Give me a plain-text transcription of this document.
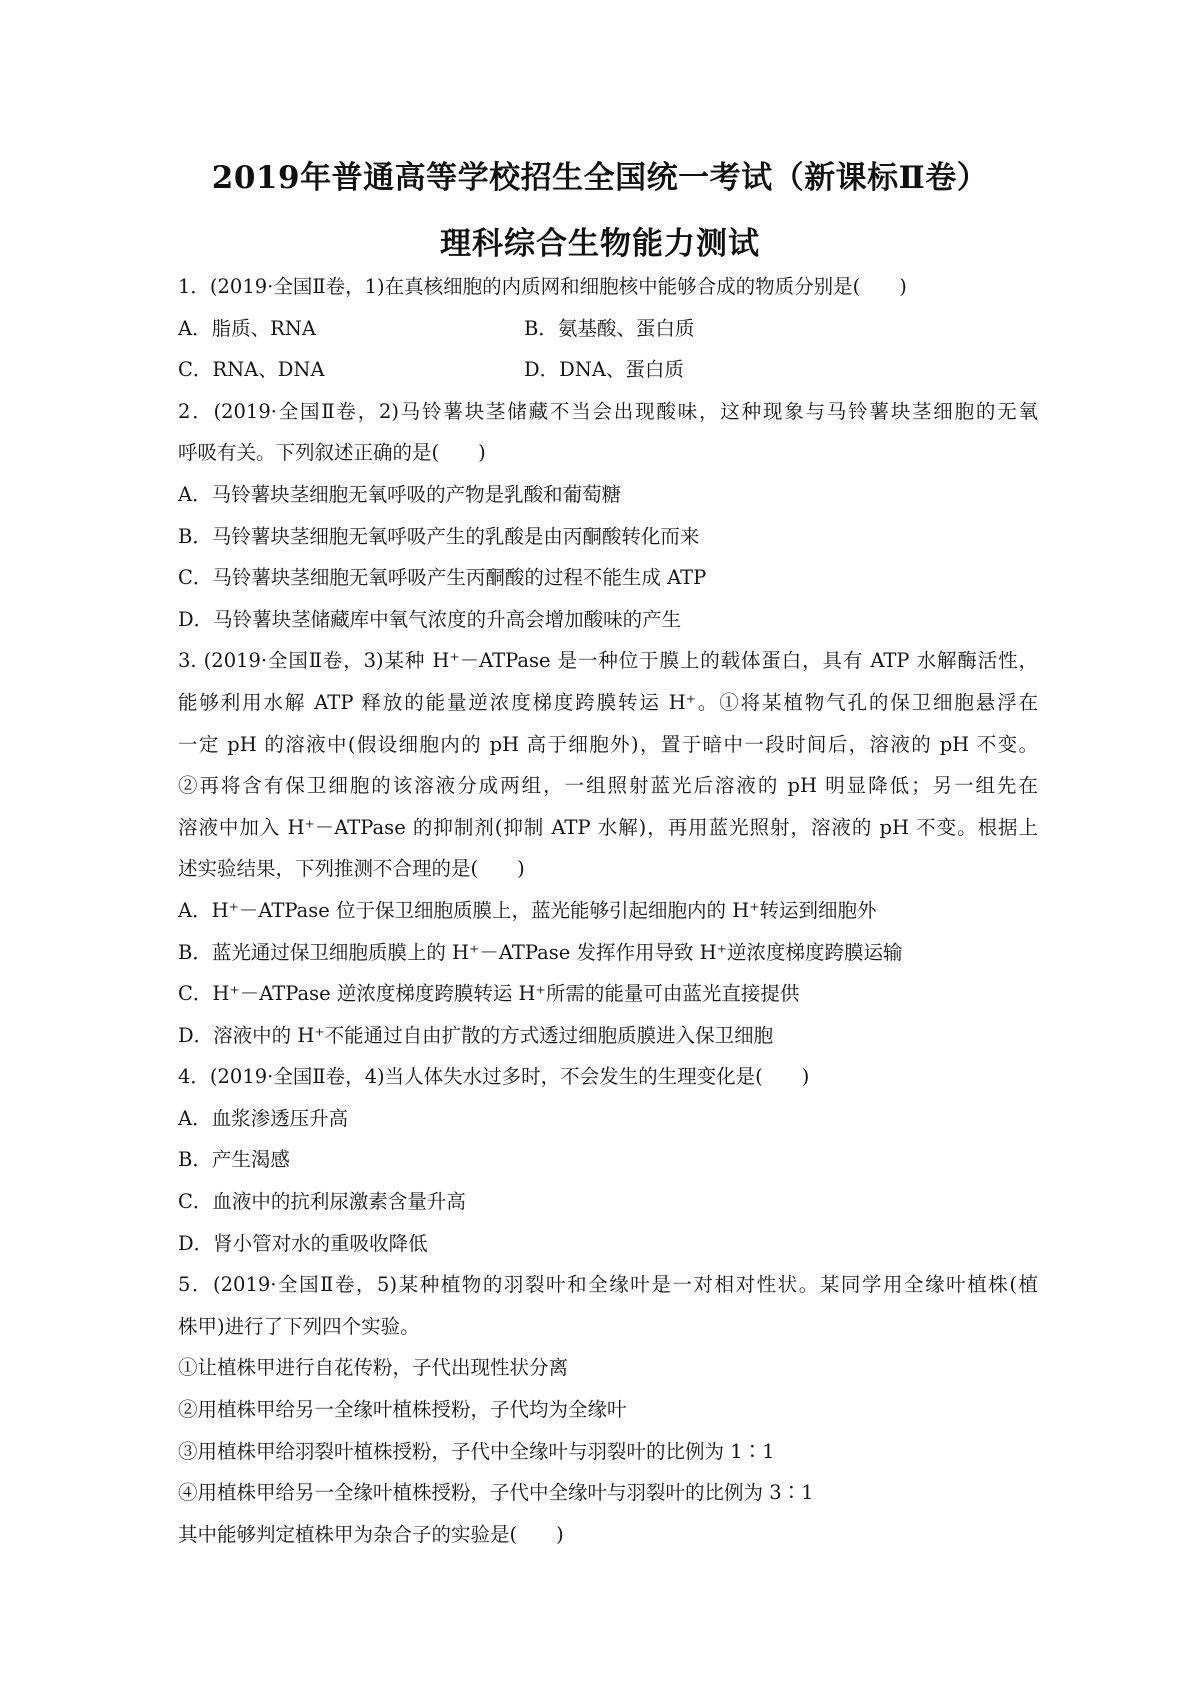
2019年普通高等学校招生全国统一考试（新课标Ⅱ卷）
理科综合生物能力测试
1．(2019·全国Ⅱ卷，1)在真核细胞的内质网和细胞核中能够合成的物质分别是(　　)
A．脂质、RNA	B．氨基酸、蛋白质
C．RNA、DNA	D．DNA、蛋白质
2．(2019·全国Ⅱ卷，2)马铃薯块茎储藏不当会出现酸味，这种现象与马铃薯块茎细胞的无氧
呼吸有关。下列叙述正确的是(　　)
A．马铃薯块茎细胞无氧呼吸的产物是乳酸和葡萄糖
B．马铃薯块茎细胞无氧呼吸产生的乳酸是由丙酮酸转化而来
C．马铃薯块茎细胞无氧呼吸产生丙酮酸的过程不能生成 ATP
D．马铃薯块茎储藏库中氧气浓度的升高会增加酸味的产生
3. (2019·全国Ⅱ卷，3)某种 H⁺－ATPase 是一种位于膜上的载体蛋白，具有 ATP 水解酶活性，
能够利用水解 ATP 释放的能量逆浓度梯度跨膜转运 H⁺。①将某植物气孔的保卫细胞悬浮在
一定 pH 的溶液中(假设细胞内的 pH 高于细胞外)，置于暗中一段时间后，溶液的 pH 不变。
②再将含有保卫细胞的该溶液分成两组，一组照射蓝光后溶液的 pH 明显降低；另一组先在
溶液中加入 H⁺－ATPase 的抑制剂(抑制 ATP 水解)，再用蓝光照射，溶液的 pH 不变。根据上
述实验结果，下列推测不合理的是(　　)
A．H⁺－ATPase 位于保卫细胞质膜上，蓝光能够引起细胞内的 H⁺转运到细胞外
B．蓝光通过保卫细胞质膜上的 H⁺－ATPase 发挥作用导致 H⁺逆浓度梯度跨膜运输
C．H⁺－ATPase 逆浓度梯度跨膜转运 H⁺所需的能量可由蓝光直接提供
D．溶液中的 H⁺不能通过自由扩散的方式透过细胞质膜进入保卫细胞
4．(2019·全国Ⅱ卷，4)当人体失水过多时，不会发生的生理变化是(　　)
A．血浆渗透压升高
B．产生渴感
C．血液中的抗利尿激素含量升高
D．肾小管对水的重吸收降低
5．(2019·全国Ⅱ卷，5)某种植物的羽裂叶和全缘叶是一对相对性状。某同学用全缘叶植株(植
株甲)进行了下列四个实验。
①让植株甲进行自花传粉，子代出现性状分离
②用植株甲给另一全缘叶植株授粉，子代均为全缘叶
③用植株甲给羽裂叶植株授粉，子代中全缘叶与羽裂叶的比例为 1∶1
④用植株甲给另一全缘叶植株授粉，子代中全缘叶与羽裂叶的比例为 3∶1
其中能够判定植株甲为杂合子的实验是(　　)
